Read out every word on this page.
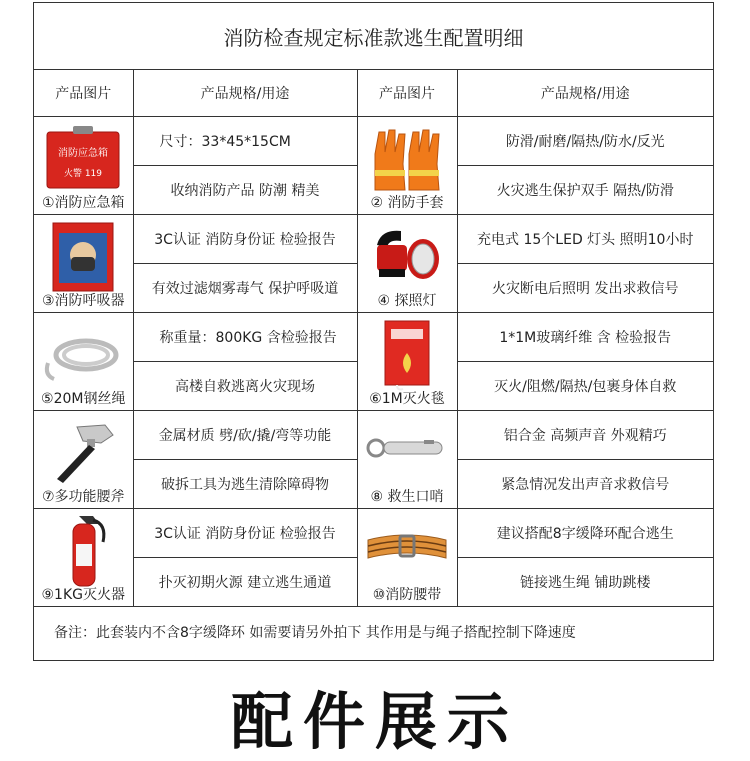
消防检查规定标准款逃生配置明细
产品图片	产品规格/用途	产品图片	产品规格/用途

消防应急箱
火警 119
①消防应急箱	尺寸：33*45*15CM	② 消防手套	防滑/耐磨/隔热/防水/反光
	收纳消防产品 防潮 精美		火灾逃生保护双手 隔热/防滑

③消防呼吸器	3C认证 消防身份证 检验报告	④ 探照灯	充电式 15个LED 灯头 照明10小时
	有效过滤烟雾毒气 保护呼吸道		火灾断电后照明 发出求救信号

⑤20M钢丝绳	称重量：800KG 含检验报告	⑥1M灭火毯	1*1M玻璃纤维 含 检验报告
	高楼自救逃离火灾现场		灭火/阻燃/隔热/包裹身体自救

⑦多功能腰斧	金属材质 劈/砍/撬/弯等功能	⑧ 救生口哨	铝合金 高频声音 外观精巧
	破拆工具为逃生清除障碍物		紧急情况发出声音求救信号

⑨1KG灭火器	3C认证 消防身份证 检验报告	⑩消防腰带	建议搭配8字缓降环配合逃生
	扑灭初期火源 建立逃生通道		链接逃生绳 铺助跳楼
备注：此套装内不含8字缓降环 如需要请另外拍下 其作用是与绳子搭配控制下降速度
配件展示
